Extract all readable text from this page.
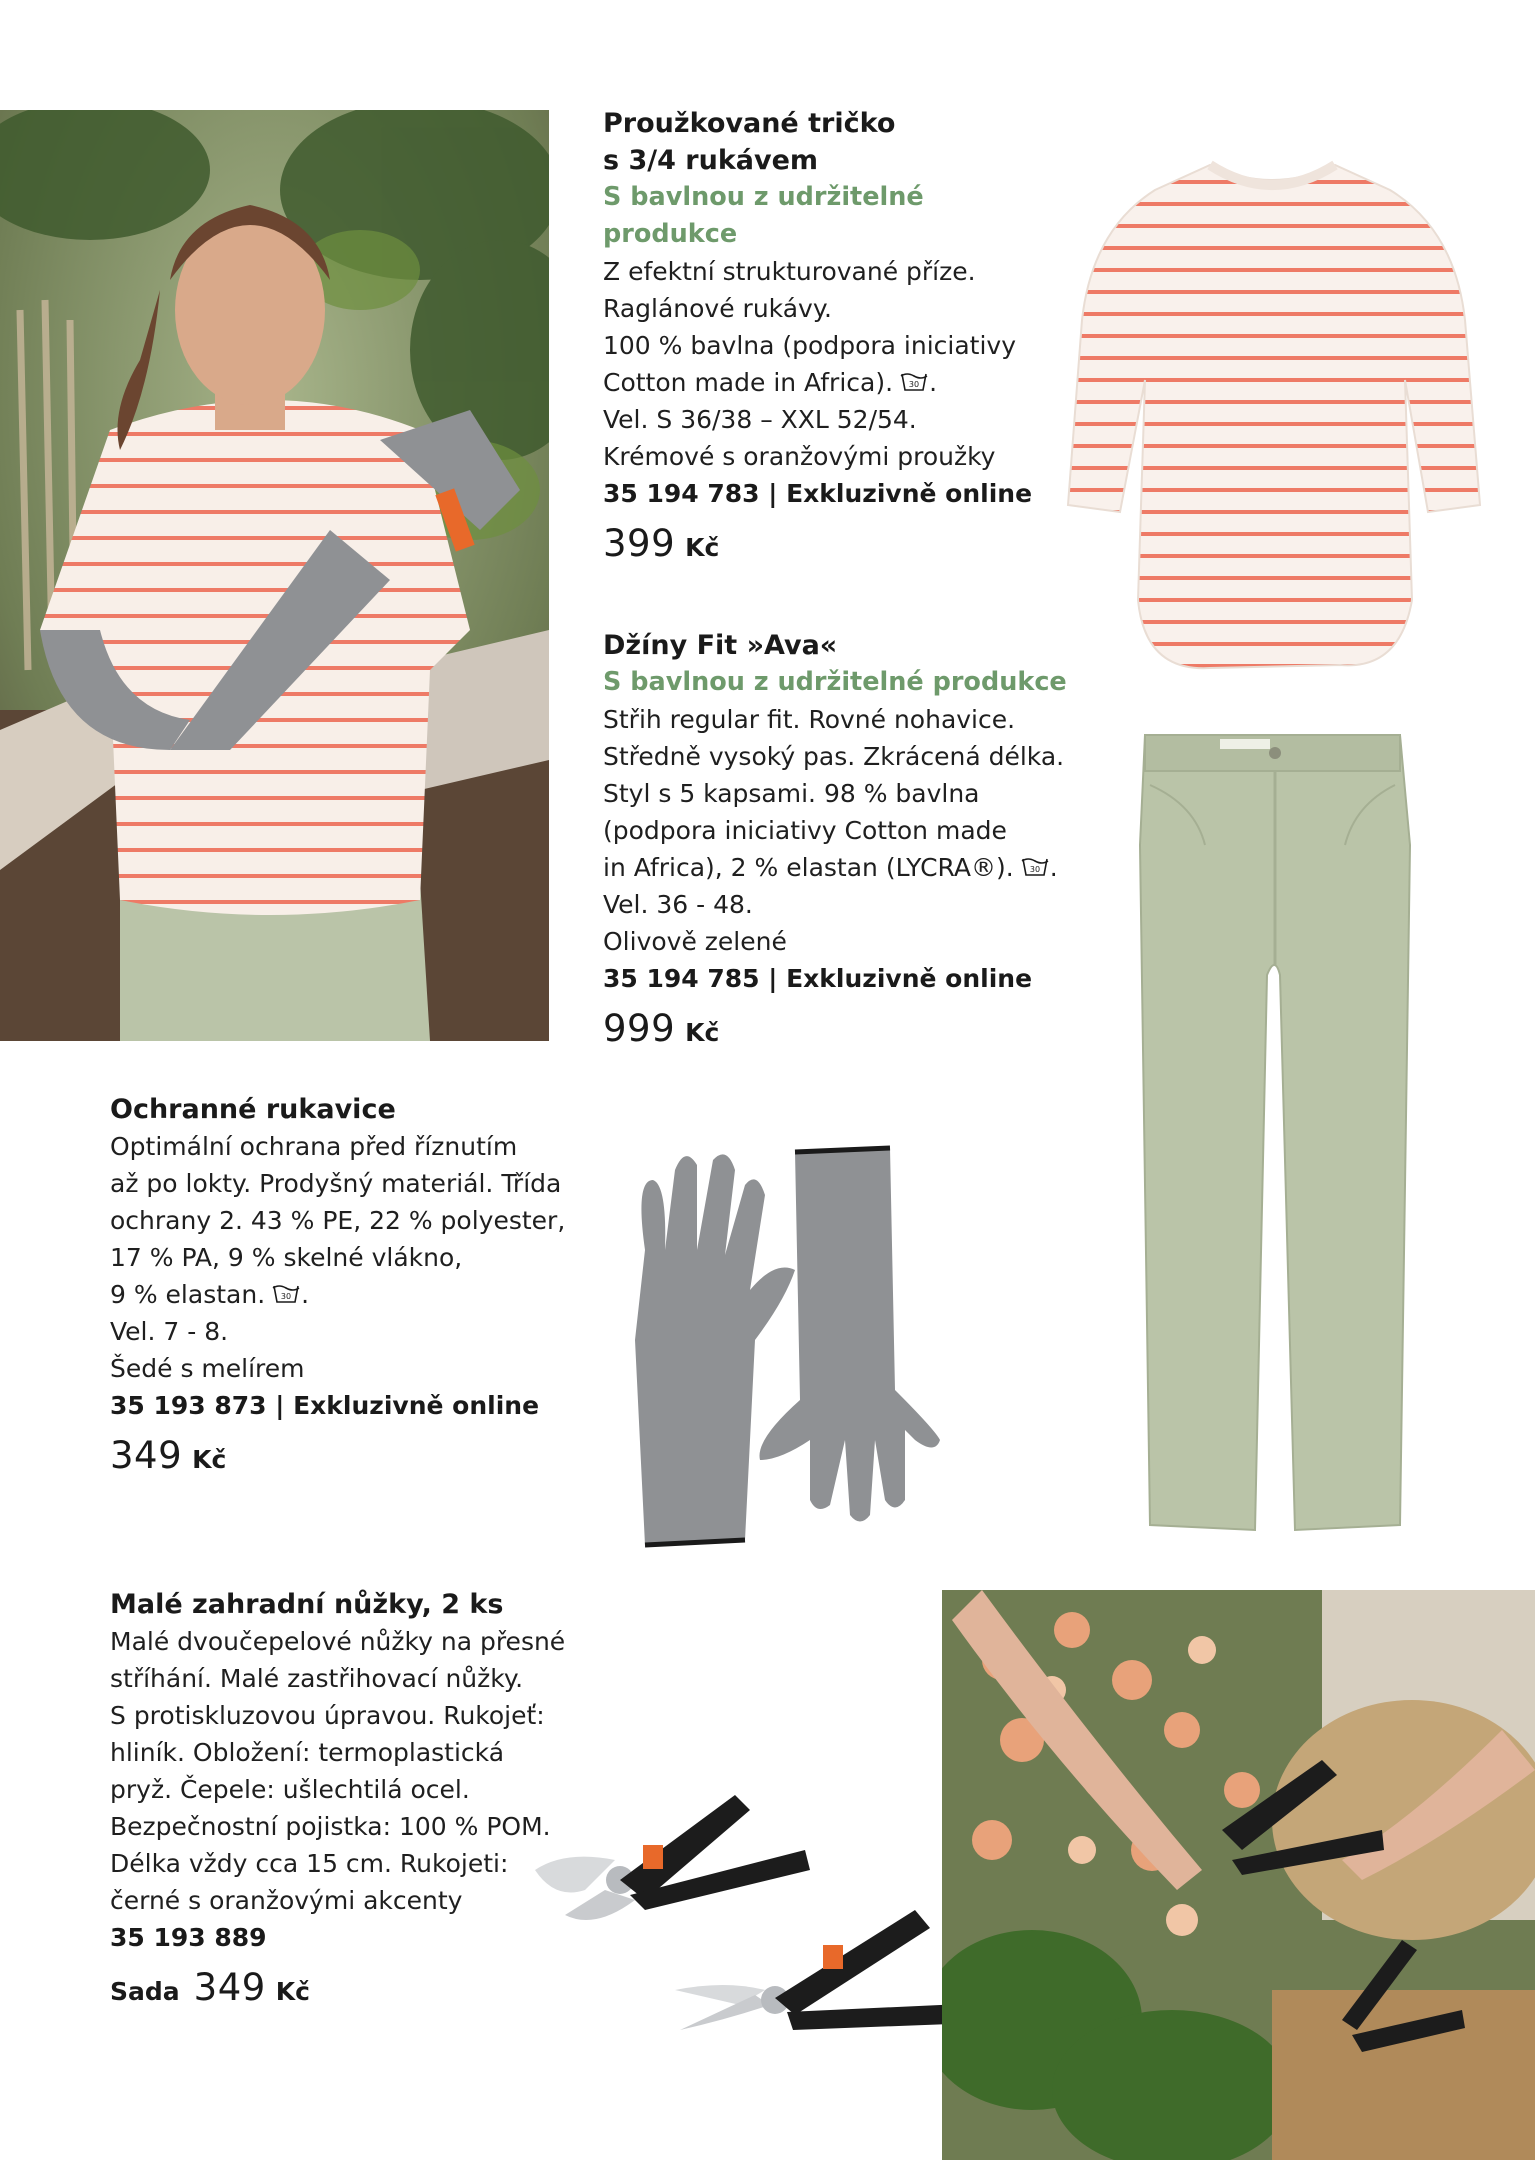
Proužkované tričko
s 3/4 rukávem
S bavlnou z udržitelné produkce
Z efektní strukturované příze.
Raglánové rukávy.
100 % bavlna (podpora iniciativy
Cotton made in Africa). 30 .
Vel. S 36/38 – XXL 52/54.
Krémové s oranžovými proužky
35 194 783 | Exkluzivně online
399 Kč
Džíny Fit »Ava«
S bavlnou z udržitelné produkce
Střih regular fit. Rovné nohavice.
Středně vysoký pas. Zkrácená délka.
Styl s 5 kapsami. 98 % bavlna
(podpora iniciativy Cotton made
in Africa), 2 % elastan (LYCRA®). 30 .
Vel. 36 - 48.
Olivově zelené
35 194 785 | Exkluzivně online
999 Kč
Ochranné rukavice
Optimální ochrana před říznutím
až po lokty. Prodyšný materiál. Třída
ochrany 2. 43 % PE, 22 % polyester,
17 % PA, 9 % skelné vlákno,
9 % elastan. 30 .
Vel. 7 - 8.
Šedé s melírem
35 193 873 | Exkluzivně online
349 Kč
Malé zahradní nůžky, 2 ks
Malé dvoučepelové nůžky na přesné
stříhání. Malé zastřihovací nůžky.
S protiskluzovou úpravou. Rukojeť:
hliník. Obložení: termoplastická
pryž. Čepele: ušlechtilá ocel.
Bezpečnostní pojistka: 100 % POM.
Délka vždy cca 15 cm. Rukojeti:
černé s oranžovými akcenty
35 193 889
Sada 349 Kč
